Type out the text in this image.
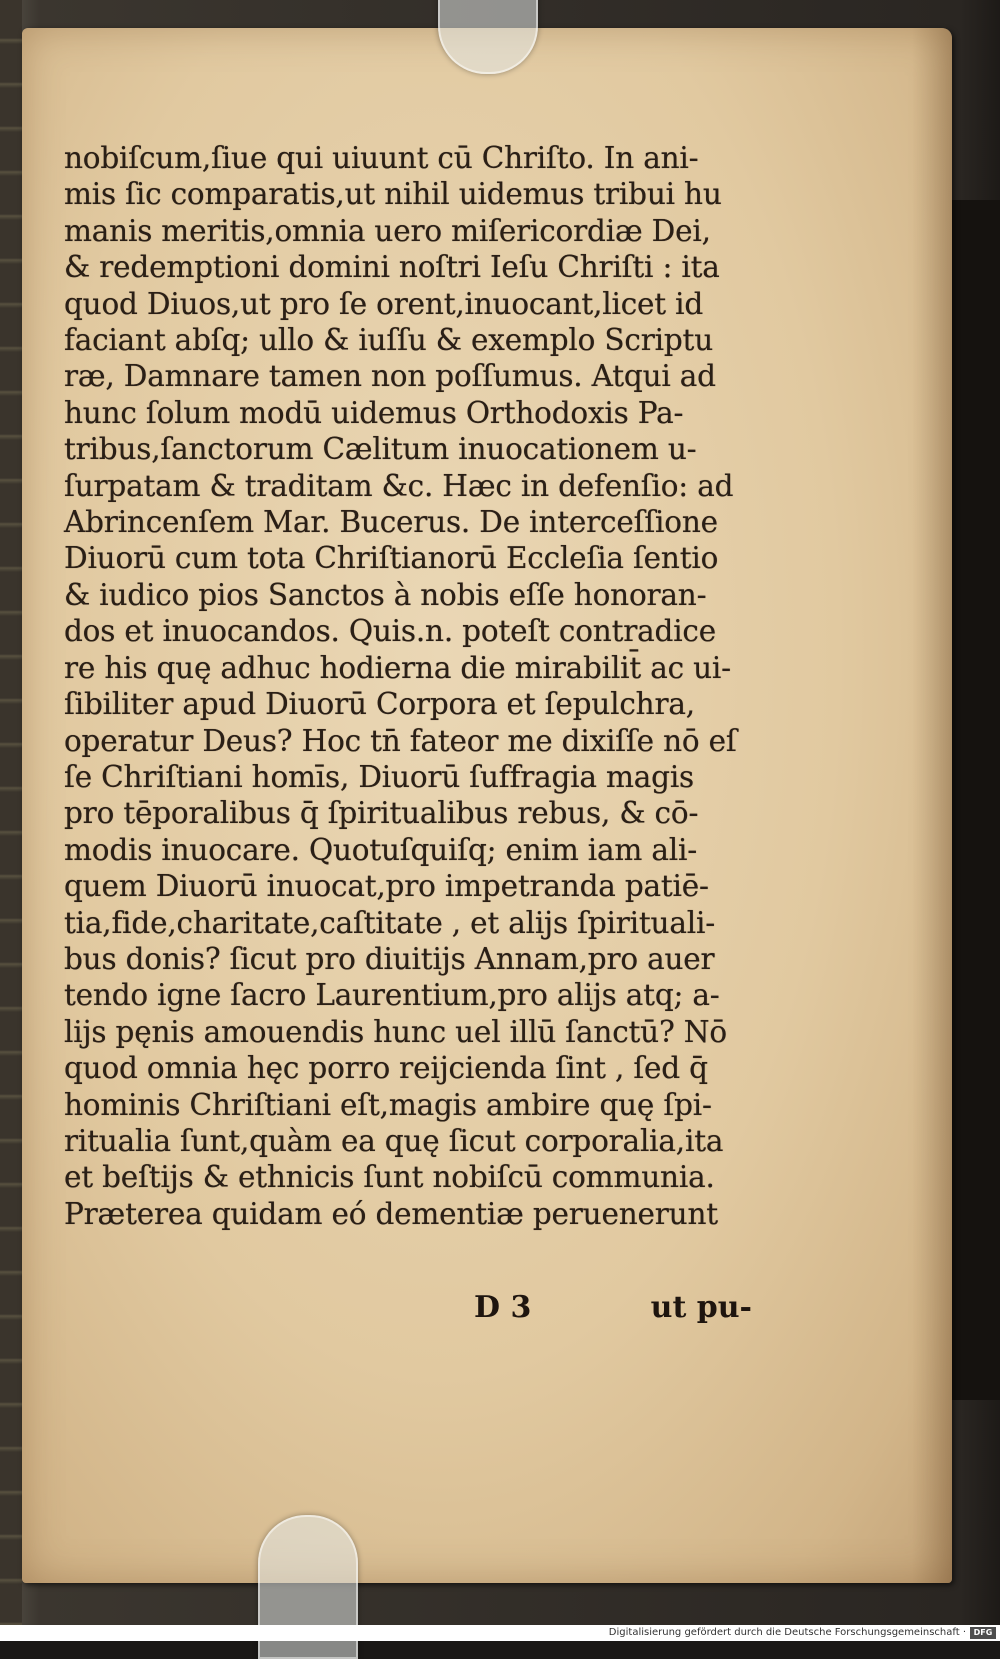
nobiſcum,ſiue qui uiuunt cū Chriſto. In ani-
mis ſic comparatis,ut nihil uidemus tribui hu
manis meritis,omnia uero miſericordiæ Dei,
& redemptioni domini noſtri Ieſu Chriſti : ita
quod Diuos,ut pro ſe orent,inuocant,licet id
faciant abſq; ullo & iuſſu & exemplo Scriptu
ræ, Damnare tamen non poſſumus. Atqui ad
hunc ſolum modū uidemus Orthodoxis Pa-
tribus,ſanctorum Cælitum inuocationem u-
ſurpatam & traditam &c. Hæc in defenſio: ad
Abrincenſem Mar. Bucerus. De interceſſione
Diuorū cum tota Chriſtianorū Eccleſia ſentio
& iudico pios Sanctos à nobis eſſe honoran-
dos et inuocandos. Quis.n. poteſt contradice
re his quę adhuc hodierna die mirabilit̄ ac ui-
ſibiliter apud Diuorū Corpora et ſepulchra,
operatur Deus? Hoc tn̄ fateor me dixiſſe nō eſ
ſe Chriſtiani homīs, Diuorū ſuffragia magis
pro tēporalibus q̄ ſpiritualibus rebus, & cō-
modis inuocare. Quotuſquiſq; enim iam ali-
quem Diuorū inuocat,pro impetranda patiē-
tia,fide,charitate,caſtitate , et aliјs ſpirituali-
bus donis? ſicut pro diuitijs Annam,pro auer
tendo igne ſacro Laurentium,pro alijs atq; a-
lijs pęnis amouendis hunc uel illū ſanctū? Nō
quod omnia hęc porro reijcienda ſint , ſed q̄
hominis Chriſtiani eſt,magis ambire quę ſpi-
ritualia ſunt,quàm ea quę ſicut corporalia,ita
et beſtijs & ethnicis ſunt nobiſcū communia.
Præterea quidam eó dementiæ peruenerunt
D 3	ut pu-
Digitalisierung gefördert durch die Deutsche Forschungsgemeinschaft · DFG
